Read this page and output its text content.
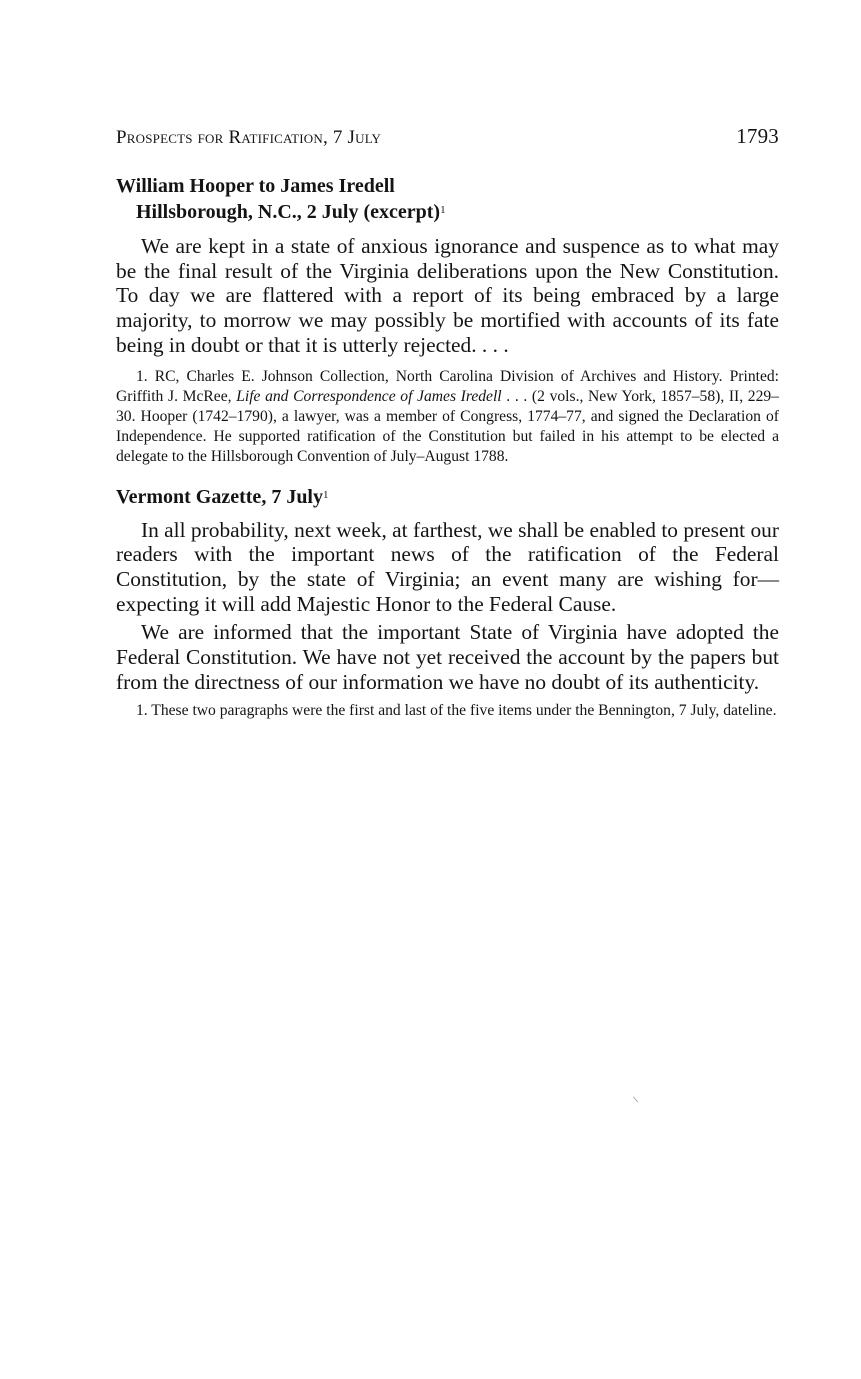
Prospects for Ratification, 7 July	1793
William Hooper to James Iredell
Hillsborough, N.C., 2 July (excerpt)$^1$

We are kept in a state of anxious ignorance and suspence as to what may be the final result of the Virginia deliberations upon the New Constitution. To day we are flattered with a report of its being embraced by a large majority, to morrow we may possibly be mortified with accounts of its fate being in doubt or that it is utterly rejected. . . .

1. RC, Charles E. Johnson Collection, North Carolina Division of Archives and History. Printed: Griffith J. McRee, Life and Correspondence of James Iredell . . . (2 vols., New York, 1857–58), II, 229–30. Hooper (1742–1790), a lawyer, was a member of Congress, 1774–77, and signed the Declaration of Independence. He supported ratification of the Constitution but failed in his attempt to be elected a delegate to the Hillsborough Convention of July–August 1788.

Vermont Gazette, 7 July$^1$

In all probability, next week, at farthest, we shall be enabled to present our readers with the important news of the ratification of the Federal Constitution, by the state of Virginia; an event many are wishing for—expecting it will add Majestic Honor to the Federal Cause.

We are informed that the important State of Virginia have adopted the Federal Constitution. We have not yet received the account by the papers but from the directness of our information we have no doubt of its authenticity.

1. These two paragraphs were the first and last of the five items under the Bennington, 7 July, dateline.
